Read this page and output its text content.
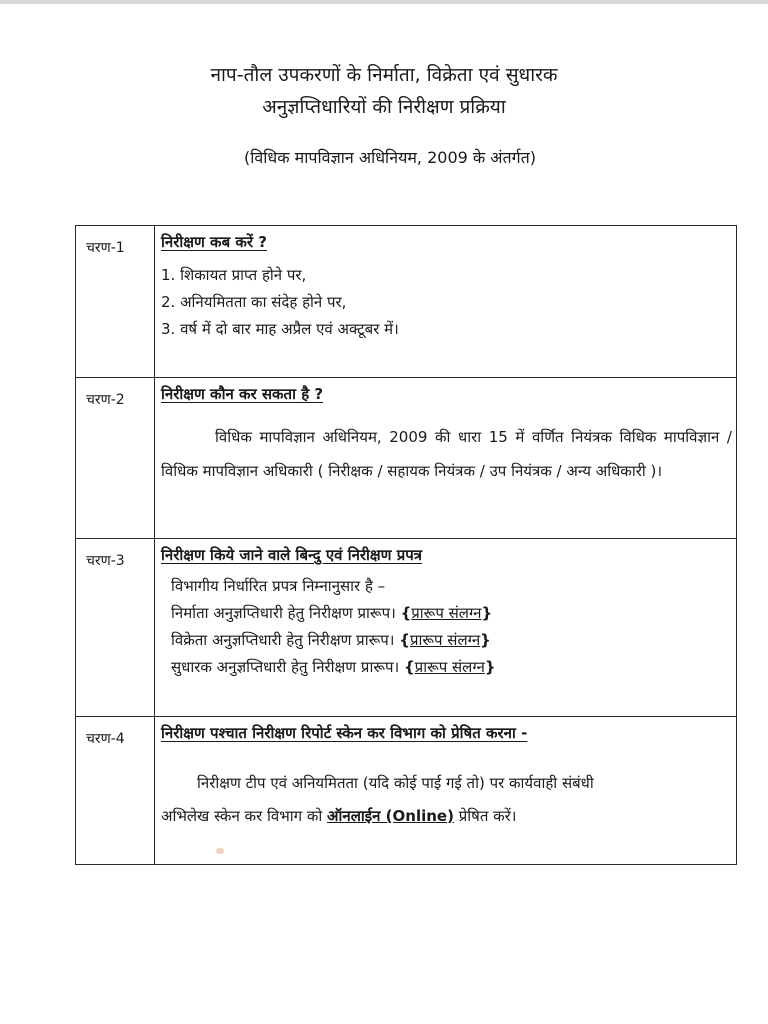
नाप-तौल उपकरणों के निर्माता, विक्रेता एवं सुधारक
अनुज्ञप्तिधारियों की निरीक्षण प्रक्रिया
(विधिक मापविज्ञान अधिनियम, 2009 के अंतर्गत)
चरण-1	निरीक्षण कब करें ?
1. शिकायत प्राप्त होने पर,
2. अनियमितता का संदेह होने पर,
3. वर्ष में दो बार माह अप्रैल एवं अक्टूबर में।
चरण-2	निरीक्षण कौन कर सकता है ?
विधिक मापविज्ञान अधिनियम, 2009 की धारा 15 में वर्णित नियंत्रक विधिक मापविज्ञान / विधिक मापविज्ञान अधिकारी ( निरीक्षक / सहायक नियंत्रक / उप नियंत्रक / अन्य अधिकारी )।
चरण-3	निरीक्षण किये जाने वाले बिन्दु एवं निरीक्षण प्रपत्र
विभागीय निर्धारित प्रपत्र निम्नानुसार है –
निर्माता अनुज्ञप्तिधारी हेतु निरीक्षण प्रारूप। {प्रारूप संलग्न}
विक्रेता अनुज्ञप्तिधारी हेतु निरीक्षण प्रारूप। {प्रारूप संलग्न}
सुधारक अनुज्ञप्तिधारी हेतु निरीक्षण प्रारूप। {प्रारूप संलग्न}
चरण-4	निरीक्षण पश्चात निरीक्षण रिपोर्ट स्केन कर विभाग को प्रेषित करना -
निरीक्षण टीप एवं अनियमितता (यदि कोई पाई गई तो) पर कार्यवाही संबंधी
अभिलेख स्केन कर विभाग को ऑनलाईन (Online) प्रेषित करें।
